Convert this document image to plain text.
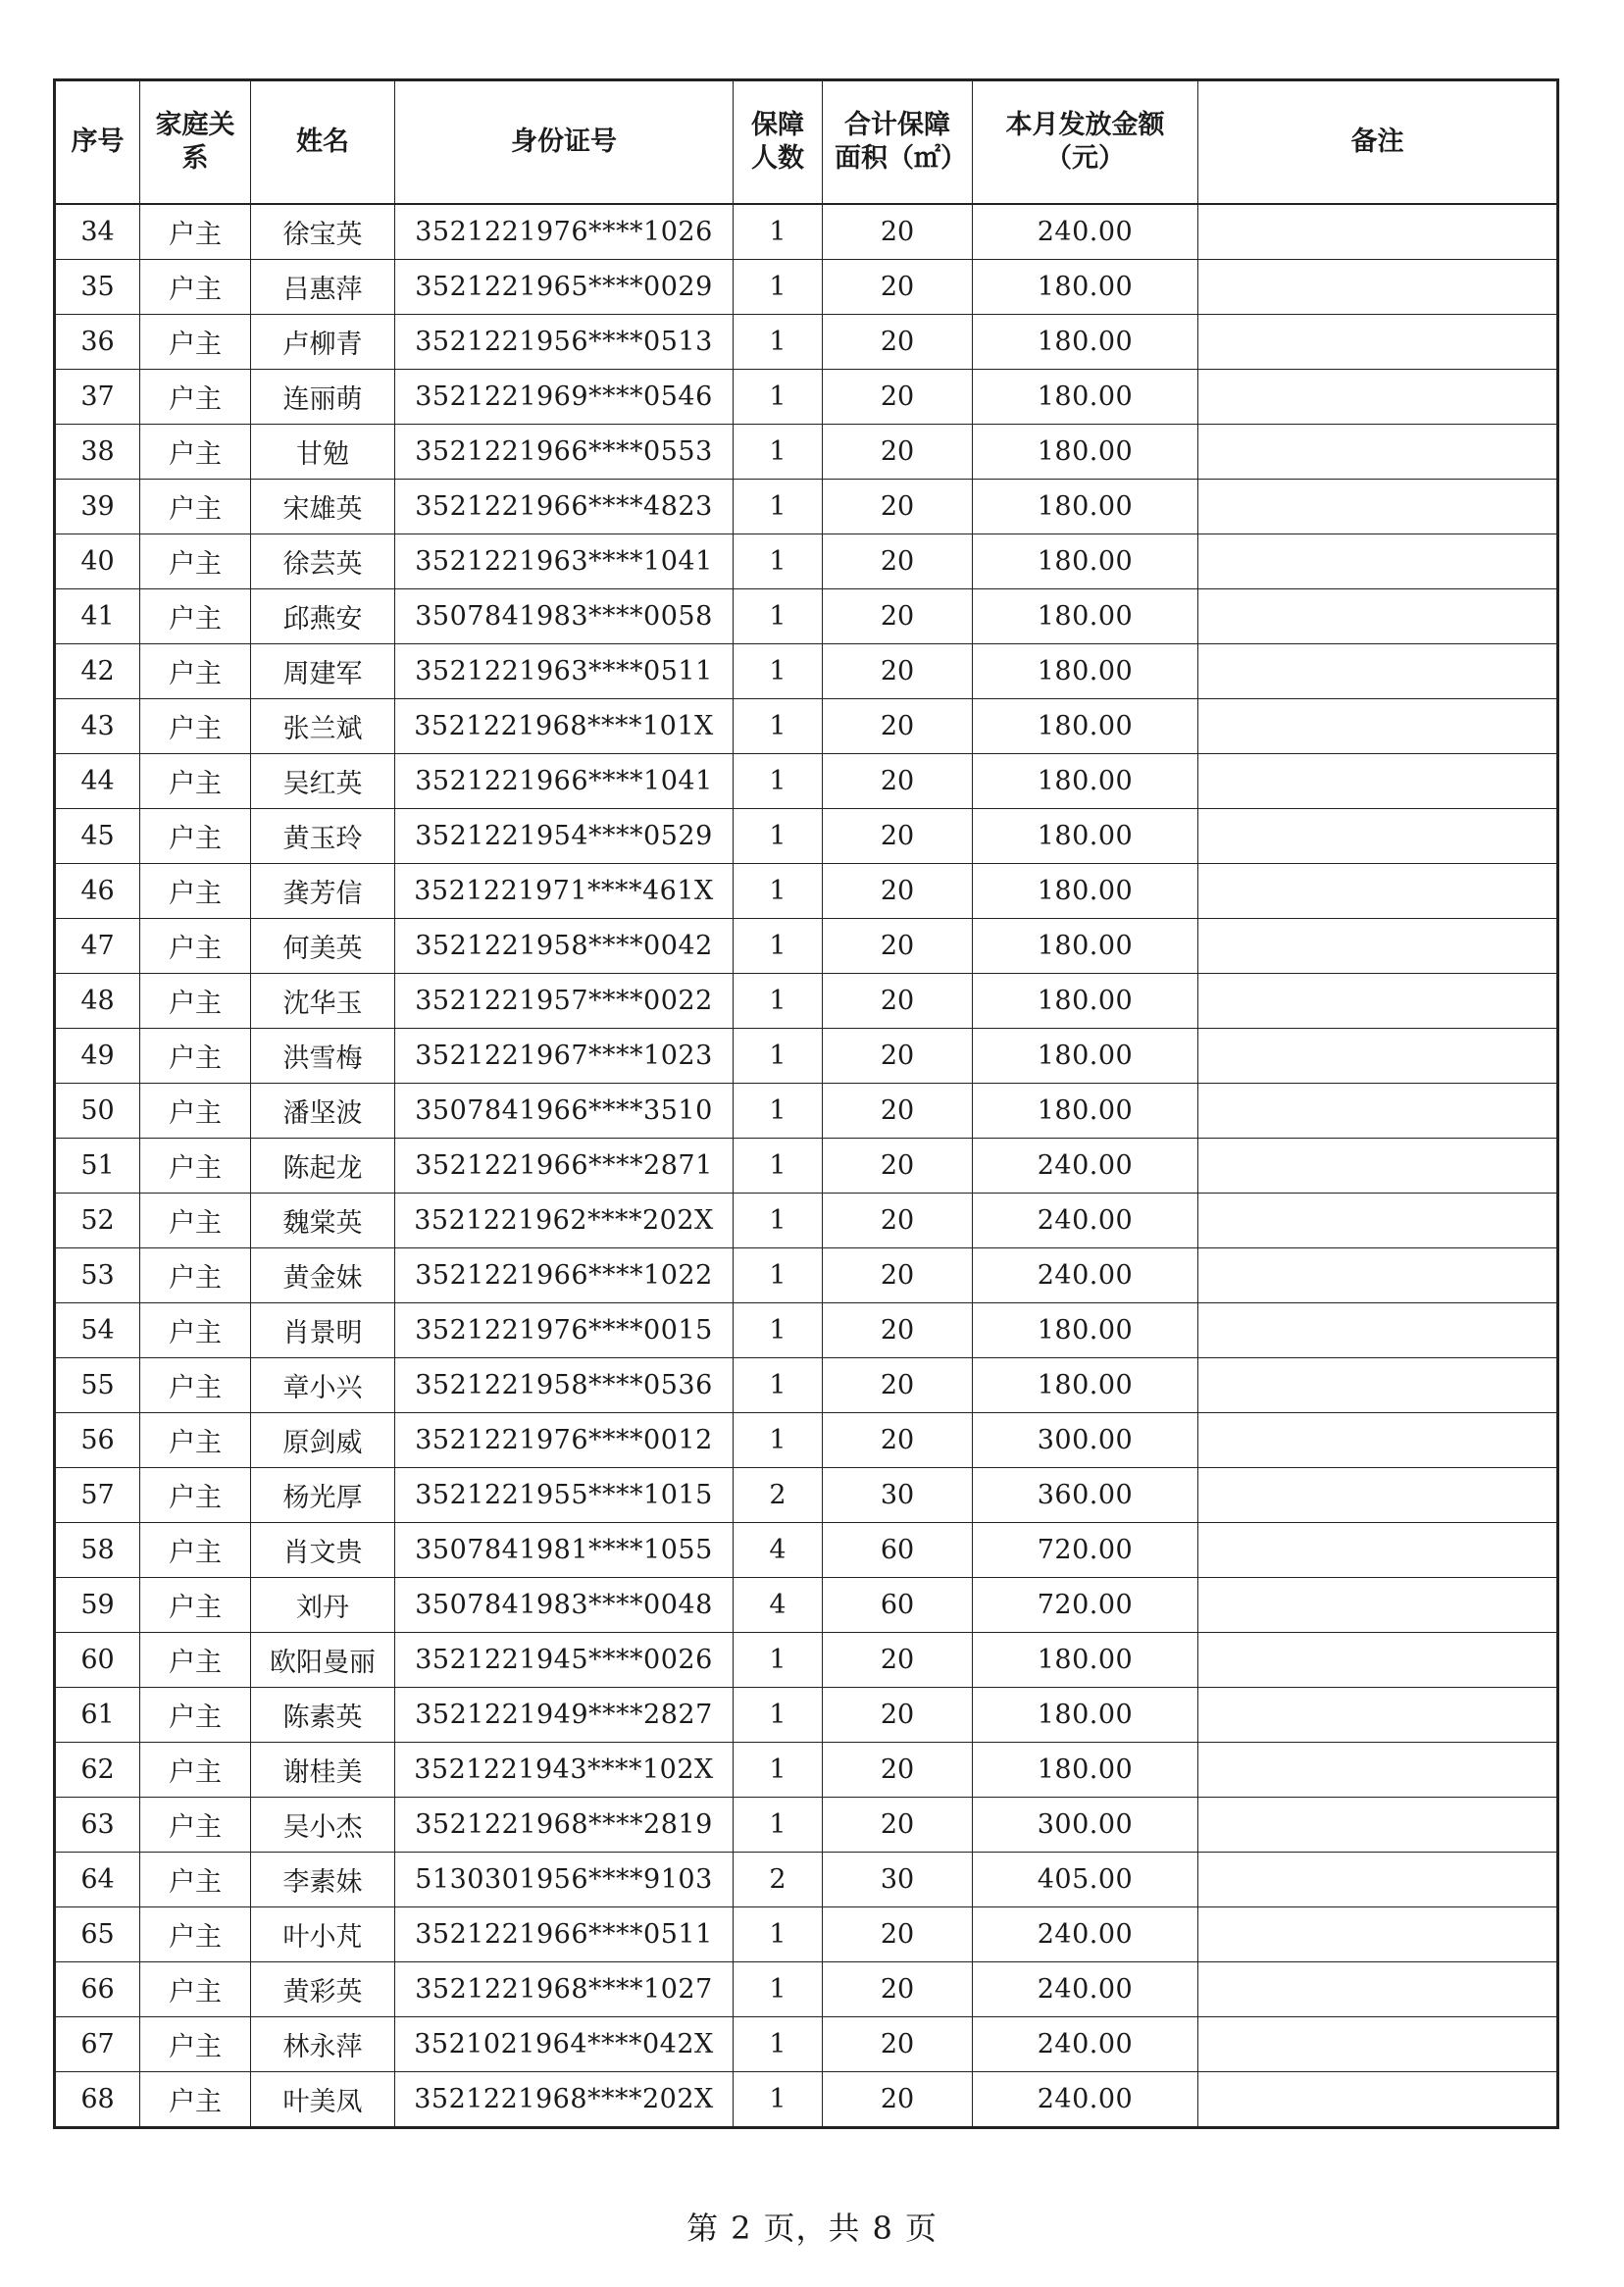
序号	家庭关系	姓名	身份证号	保障人数	合计保障面积（㎡）	本月发放金额（元）	备注
34	户主	徐宝英	3521221976****1026	1	20	240.00	
35	户主	吕惠萍	3521221965****0029	1	20	180.00	
36	户主	卢柳青	3521221956****0513	1	20	180.00	
37	户主	连丽萌	3521221969****0546	1	20	180.00	
38	户主	甘勉	3521221966****0553	1	20	180.00	
39	户主	宋雄英	3521221966****4823	1	20	180.00	
40	户主	徐芸英	3521221963****1041	1	20	180.00	
41	户主	邱燕安	3507841983****0058	1	20	180.00	
42	户主	周建军	3521221963****0511	1	20	180.00	
43	户主	张兰斌	3521221968****101X	1	20	180.00	
44	户主	吴红英	3521221966****1041	1	20	180.00	
45	户主	黄玉玲	3521221954****0529	1	20	180.00	
46	户主	龚芳信	3521221971****461X	1	20	180.00	
47	户主	何美英	3521221958****0042	1	20	180.00	
48	户主	沈华玉	3521221957****0022	1	20	180.00	
49	户主	洪雪梅	3521221967****1023	1	20	180.00	
50	户主	潘坚波	3507841966****3510	1	20	180.00	
51	户主	陈起龙	3521221966****2871	1	20	240.00	
52	户主	魏棠英	3521221962****202X	1	20	240.00	
53	户主	黄金妹	3521221966****1022	1	20	240.00	
54	户主	肖景明	3521221976****0015	1	20	180.00	
55	户主	章小兴	3521221958****0536	1	20	180.00	
56	户主	原剑威	3521221976****0012	1	20	300.00	
57	户主	杨光厚	3521221955****1015	2	30	360.00	
58	户主	肖文贵	3507841981****1055	4	60	720.00	
59	户主	刘丹	3507841983****0048	4	60	720.00	
60	户主	欧阳曼丽	3521221945****0026	1	20	180.00	
61	户主	陈素英	3521221949****2827	1	20	180.00	
62	户主	谢桂美	3521221943****102X	1	20	180.00	
63	户主	吴小杰	3521221968****2819	1	20	300.00	
64	户主	李素妹	5130301956****9103	2	30	405.00	
65	户主	叶小芃	3521221966****0511	1	20	240.00	
66	户主	黄彩英	3521221968****1027	1	20	240.00	
67	户主	林永萍	3521021964****042X	1	20	240.00	
68	户主	叶美凤	3521221968****202X	1	20	240.00	
第 2 页，共 8 页
